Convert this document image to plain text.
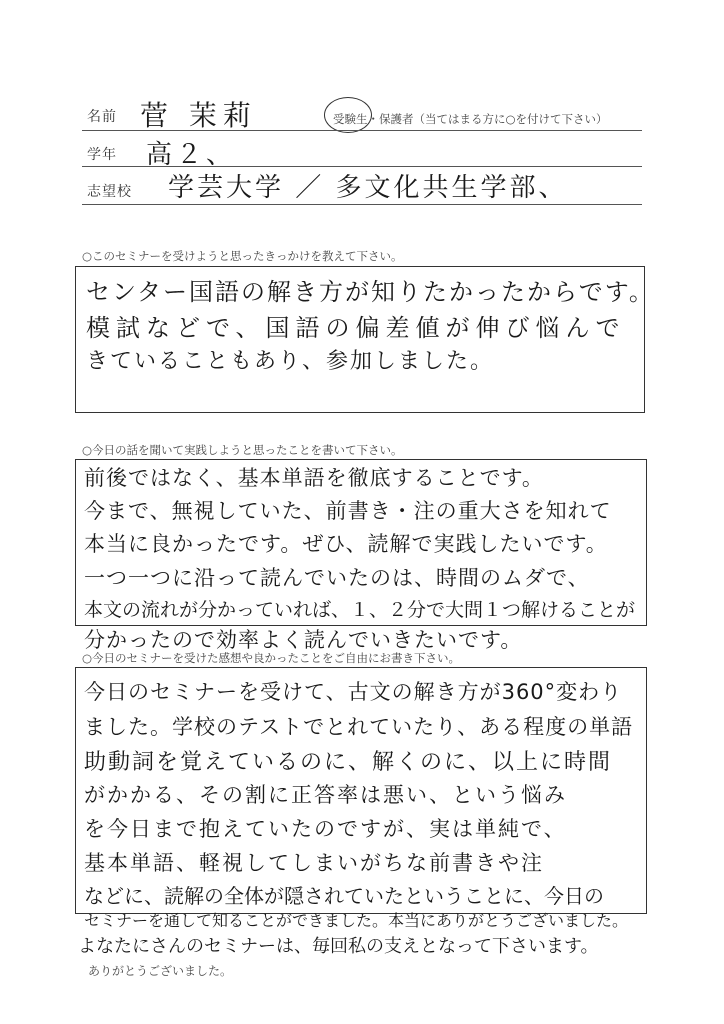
名前 菅 茉莉	受験生・保護者（当てはまる方に○を付けて下さい）
学年 高２、
志望校 学芸大学 ／ 多文化共生学部、
○このセミナーを受けようと思ったきっかけを教えて下さい。
センター国語の解き方が知りたかったからです。
模試などで、国語の偏差値が伸び悩んで
きていることもあり、参加しました。
○今日の話を聞いて実践しようと思ったことを書いて下さい。
前後ではなく、基本単語を徹底することです。
今まで、無視していた、前書き・注の重大さを知れて
本当に良かったです。ぜひ、読解で実践したいです。
一つ一つに沿って読んでいたのは、時間のムダで、
本文の流れが分かっていれば、１、２分で大問１つ解けることが
分かったので効率よく読んでいきたいです。
○今日のセミナーを受けた感想や良かったことをご自由にお書き下さい。
今日のセミナーを受けて、古文の解き方が360°変わり
ました。学校のテストでとれていたり、ある程度の単語
助動詞を覚えているのに、解くのに、以上に時間
がかかる、その割に正答率は悪い、という悩み
を今日まで抱えていたのですが、実は単純で、
基本単語、軽視してしまいがちな前書きや注
などに、読解の全体が隠されていたということに、今日の
セミナーを通して知ることができました。本当にありがとうございました。
よなたにさんのセミナーは、毎回私の支えとなって下さいます。
ありがとうございました。
